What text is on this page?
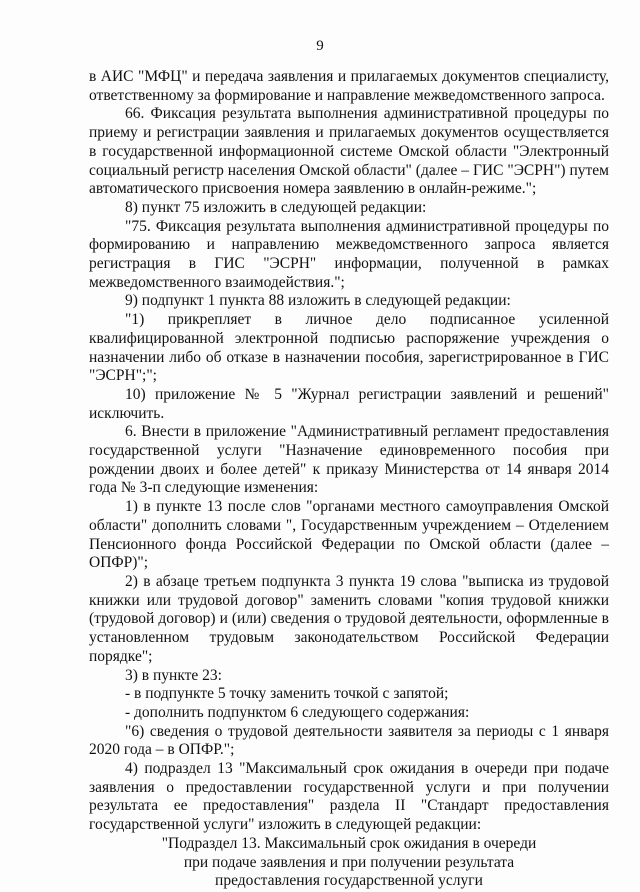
9

в АИС "МФЦ" и передача заявления и прилагаемых документов специалисту, ответственному за формирование и направление межведомственного запроса.

66. Фиксация результата выполнения административной процедуры по приему и регистрации заявления и прилагаемых документов осуществляется в государственной информационной системе Омской области "Электронный социальный регистр населения Омской области" (далее – ГИС "ЭСРН") путем автоматического присвоения номера заявлению в онлайн-режиме.";

8) пункт 75 изложить в следующей редакции:

"75. Фиксация результата выполнения административной процедуры по формированию и направлению межведомственного запроса является регистрация в ГИС "ЭСРН" информации, полученной в рамках межведомственного взаимодействия.";

9) подпункт 1 пункта 88 изложить в следующей редакции:

"1) прикрепляет в личное дело подписанное усиленной квалифицированной электронной подписью распоряжение учреждения о назначении либо об отказе в назначении пособия, зарегистрированное в ГИС "ЭСРН";";

10) приложение № 5 "Журнал регистрации заявлений и решений" исключить.

6. Внести в приложение "Административный регламент предоставления государственной услуги "Назначение единовременного пособия при рождении двоих и более детей" к приказу Министерства от 14 января 2014 года № 3-п следующие изменения:

1) в пункте 13 после слов "органами местного самоуправления Омской области" дополнить словами ", Государственным учреждением – Отделением Пенсионного фонда Российской Федерации по Омской области (далее – ОПФР)";

2) в абзаце третьем подпункта 3 пункта 19 слова "выписка из трудовой книжки или трудовой договор" заменить словами "копия трудовой книжки (трудовой договор) и (или) сведения о трудовой деятельности, оформленные в установленном трудовым законодательством Российской Федерации порядке";

3) в пункте 23:

- в подпункте 5 точку заменить точкой с запятой;

- дополнить подпунктом 6 следующего содержания:

"6) сведения о трудовой деятельности заявителя за периоды с 1 января 2020 года – в ОПФР.";

4) подраздел 13 "Максимальный срок ожидания в очереди при подаче заявления о предоставлении государственной услуги и при получении результата ее предоставления" раздела II "Стандарт предоставления государственной услуги" изложить в следующей редакции:

"Подраздел 13. Максимальный срок ожидания в очереди

при подаче заявления и при получении результата

предоставления государственной услуги
